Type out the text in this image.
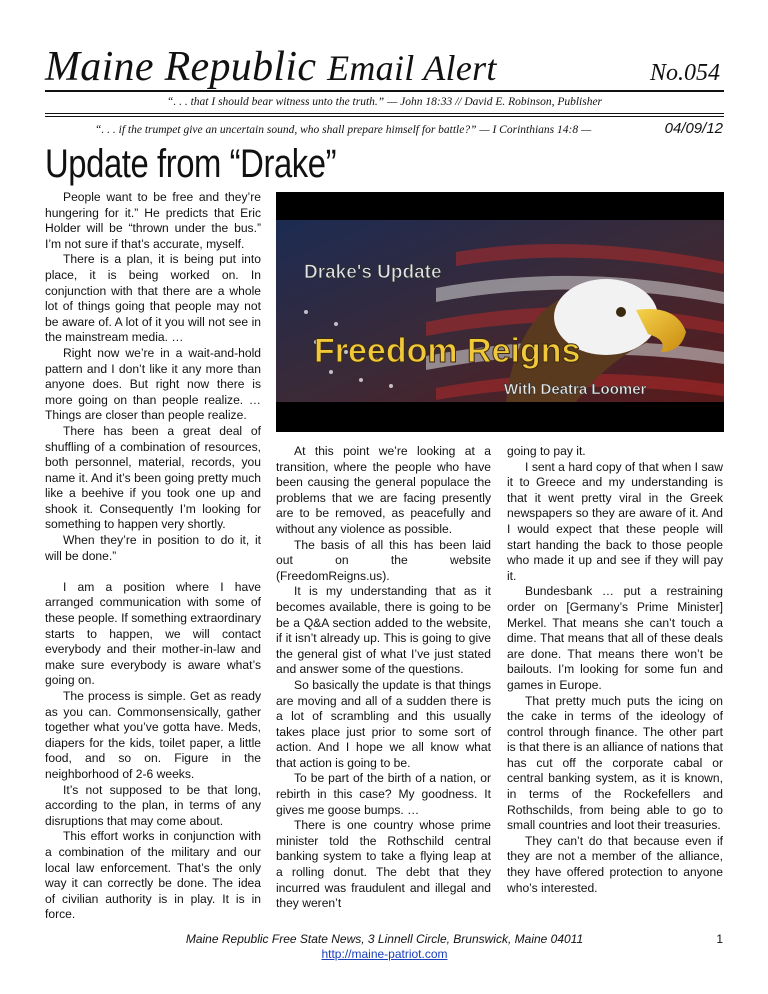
Maine Republic Email Alert	No.054
“. . . that I should bear witness unto the truth.” — John 18:33 // David E. Robinson, Publisher
“. . . if the trumpet give an uncertain sound, who shall prepare himself for battle?” — I Corinthians 14:8 —	04/09/12
Update from “Drake”

People want to be free and they’re hungering for it.” He predicts that Eric Holder will be “thrown under the bus.” I’m not sure if that’s accurate, myself.

There is a plan, it is being put into place, it is being worked on. In conjunction with that there are a whole lot of things going that people may not be aware of. A lot of it you will not see in the mainstream media. …

Right now we’re in a wait-and-hold pattern and I don’t like it any more than anyone does. But right now there is more going on than people realize. … Things are closer than people realize.

There has been a great deal of shuffling of a combination of resources, both personnel, material, records, you name it. And it’s been going pretty much like a beehive if you took one up and shook it. Consequently I’m looking for something to happen very shortly.

When they’re in position to do it, it will be done.”

I am a position where I have arranged communication with some of these people. If something extraordinary starts to happen, we will contact everybody and their mother-in-law and make sure everybody is aware what’s going on.

The process is simple. Get as ready as you can. Commonsensically, gather together what you’ve gotta have. Meds, diapers for the kids, toilet paper, a little food, and so on. Figure in the neighborhood of 2-6 weeks.

It’s not supposed to be that long, according to the plan, in terms of any disruptions that may come about.

This effort works in conjunction with a combination of the military and our local law enforcement. That’s the only way it can correctly be done. The idea of civilian authority is in play. It is in force.

Drake's Update
Freedom Reigns
With Deatra Loomer

At this point we’re looking at a transition, where the people who have been causing the general populace the problems that we are facing presently are to be removed, as peacefully and without any violence as possible.

The basis of all this has been laid out on the website (FreedomReigns.us).

It is my understanding that as it becomes available, there is going to be be a Q&A section added to the website, if it isn’t already up. This is going to give the general gist of what I’ve just stated and answer some of the questions.

So basically the update is that things are moving and all of a sudden there is a lot of scrambling and this usually takes place just prior to some sort of action. And I hope we all know what that action is going to be.

To be part of the birth of a nation, or rebirth in this case? My goodness. It gives me goose bumps. …

There is one country whose prime minister told the Rothschild central banking system to take a flying leap at a rolling donut. The debt that they incurred was fraudulent and illegal and they weren’t

going to pay it.

I sent a hard copy of that when I saw it to Greece and my understanding is that it went pretty viral in the Greek newspapers so they are aware of it. And I would expect that these people will start handing the back to those people who made it up and see if they will pay it.

Bundesbank … put a restraining order on [Germany’s Prime Minister] Merkel. That means she can’t touch a dime. That means that all of these deals are done. That means there won’t be bailouts. I’m looking for some fun and games in Europe.

That pretty much puts the icing on the cake in terms of the ideology of control through finance. The other part is that there is an alliance of nations that has cut off the corporate cabal or central banking system, as it is known, in terms of the Rockefellers and Rothschilds, from being able to go to small countries and loot their treasuries.

They can’t do that because even if they are not a member of the alliance, they have offered protection to anyone who’s interested.

Maine Republic Free State News, 3 Linnell Circle, Brunswick, Maine 04011
http://maine-patriot.com
1
